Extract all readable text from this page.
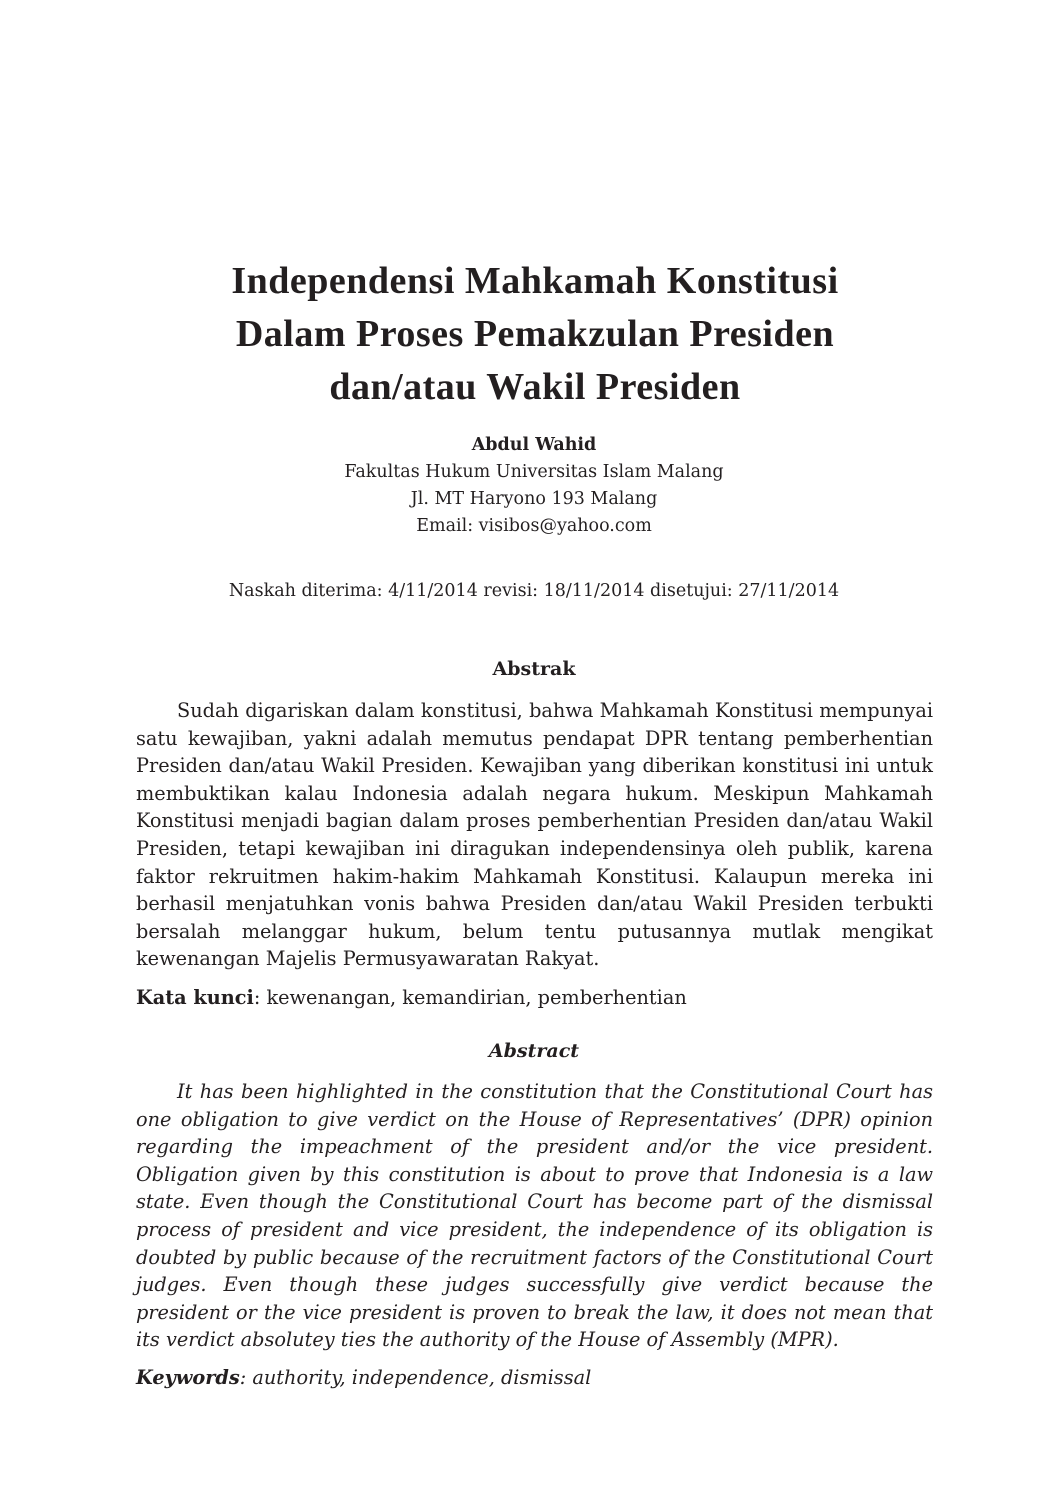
Independensi Mahkamah Konstitusi
Dalam Proses Pemakzulan Presiden
dan/atau Wakil Presiden
Abdul Wahid
Fakultas Hukum Universitas Islam Malang
Jl. MT Haryono 193 Malang
Email: visibos@yahoo.com
Naskah diterima: 4/11/2014 revisi: 18/11/2014 disetujui: 27/11/2014
Abstrak

Sudah digariskan dalam konstitusi, bahwa Mahkamah Konstitusi mempunyai satu kewajiban, yakni adalah memutus pendapat DPR tentang pemberhentian Presiden dan/atau Wakil Presiden. Kewajiban yang diberikan konstitusi ini untuk membuktikan kalau Indonesia adalah negara hukum. Meskipun Mahkamah Konstitusi menjadi bagian dalam proses pemberhentian Presiden dan/atau Wakil Presiden, tetapi kewajiban ini diragukan independensinya oleh publik, karena faktor rekruitmen hakim-hakim Mahkamah Konstitusi. Kalaupun mereka ini berhasil menjatuhkan vonis bahwa Presiden dan/atau Wakil Presiden terbukti bersalah melanggar hukum, belum tentu putusannya mutlak mengikat kewenangan Majelis Permusyawaratan Rakyat.

Kata kunci: kewenangan, kemandirian, pemberhentian
Abstract

It has been highlighted in the constitution that the Constitutional Court has one obligation to give verdict on the House of Representatives’ (DPR) opinion regarding the impeachment of the president and/or the vice president. Obligation given by this constitution is about to prove that Indonesia is a law state. Even though the Constitutional Court has become part of the dismissal process of president and vice president, the independence of its obligation is doubted by public because of the recruitment factors of the Constitutional Court judges. Even though these judges successfully give verdict because the president or the vice president is proven to break the law, it does not mean that its verdict absolutey ties the authority of the House of Assembly (MPR).

Keywords: authority, independence, dismissal
